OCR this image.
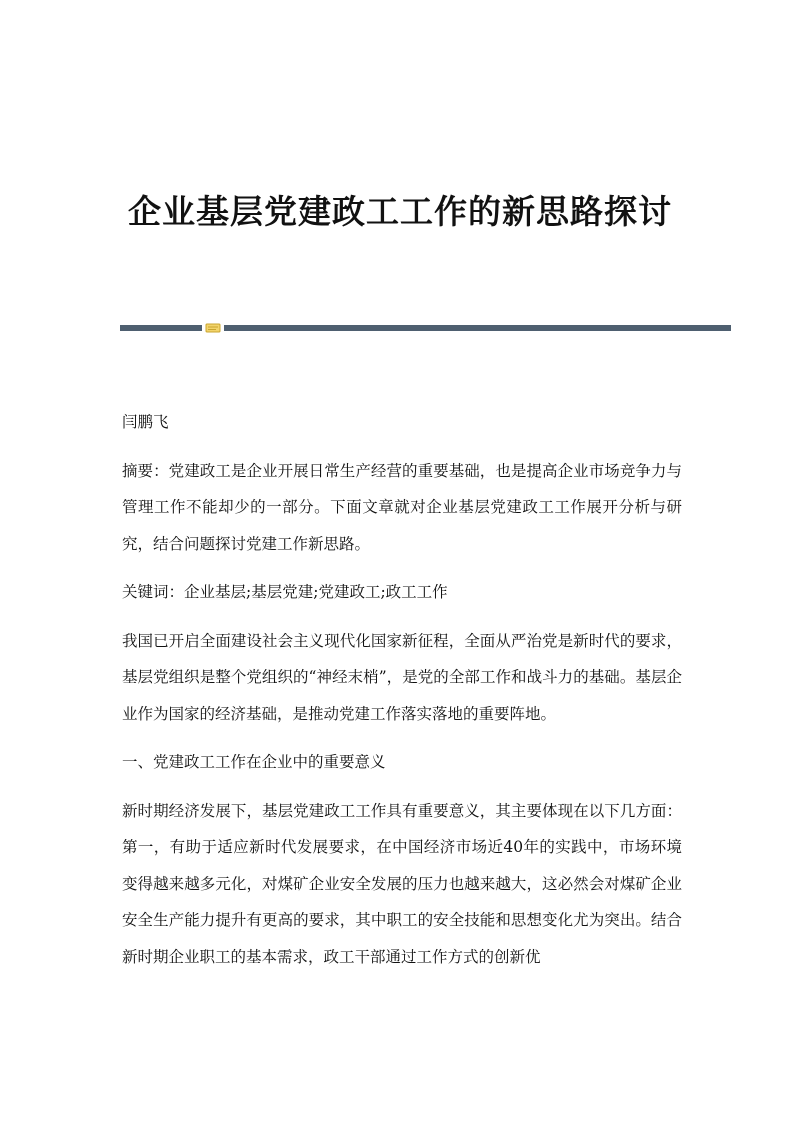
企业基层党建政工工作的新思路探讨
闫鹏飞

摘要：党建政工是企业开展日常生产经营的重要基础，也是提高企业市场竞争力与管理工作不能却少的一部分。下面文章就对企业基层党建政工工作展开分析与研究，结合问题探讨党建工作新思路。

关键词：企业基层;基层党建;党建政工;政工工作

我国已开启全面建设社会主义现代化国家新征程，全面从严治党是新时代的要求，基层党组织是整个党组织的“神经末梢”，是党的全部工作和战斗力的基础。基层企业作为国家的经济基础，是推动党建工作落实落地的重要阵地。

一、党建政工工作在企业中的重要意义

新时期经济发展下，基层党建政工工作具有重要意义，其主要体现在以下几方面：第一，有助于适应新时代发展要求，在中国经济市场近40年的实践中，市场环境变得越来越多元化，对煤矿企业安全发展的压力也越来越大，这必然会对煤矿企业安全生产能力提升有更高的要求，其中职工的安全技能和思想变化尤为突出。结合新时期企业职工的基本需求，政工干部通过工作方式的创新优
